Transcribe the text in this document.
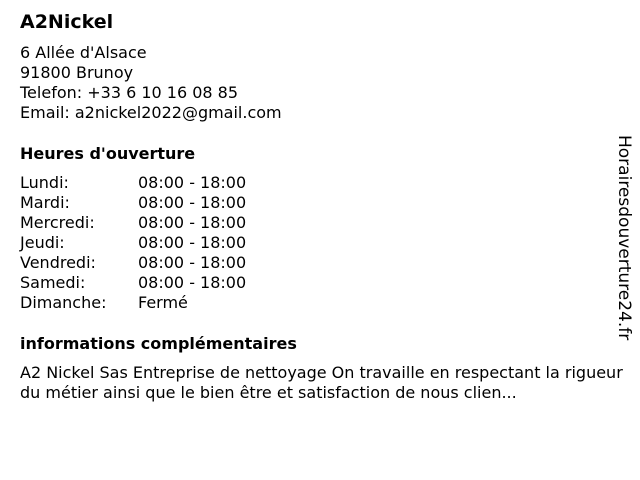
A2Nickel

6 Allée d'Alsace

91800 Brunoy

Telefon: +33 6 10 16 08 85

Email: a2nickel2022@gmail.com

Heures d'ouverture
Lundi:	08:00 - 18:00
Mardi:	08:00 - 18:00
Mercredi:	08:00 - 18:00
Jeudi:	08:00 - 18:00
Vendredi:	08:00 - 18:00
Samedi:	08:00 - 18:00
Dimanche:	Fermé
informations complémentaires

A2 Nickel Sas Entreprise de nettoyage On travaille en respectant la rigueur du métier ainsi que le bien être et satisfaction de nous clien...

Horairesdouverture24.fr
